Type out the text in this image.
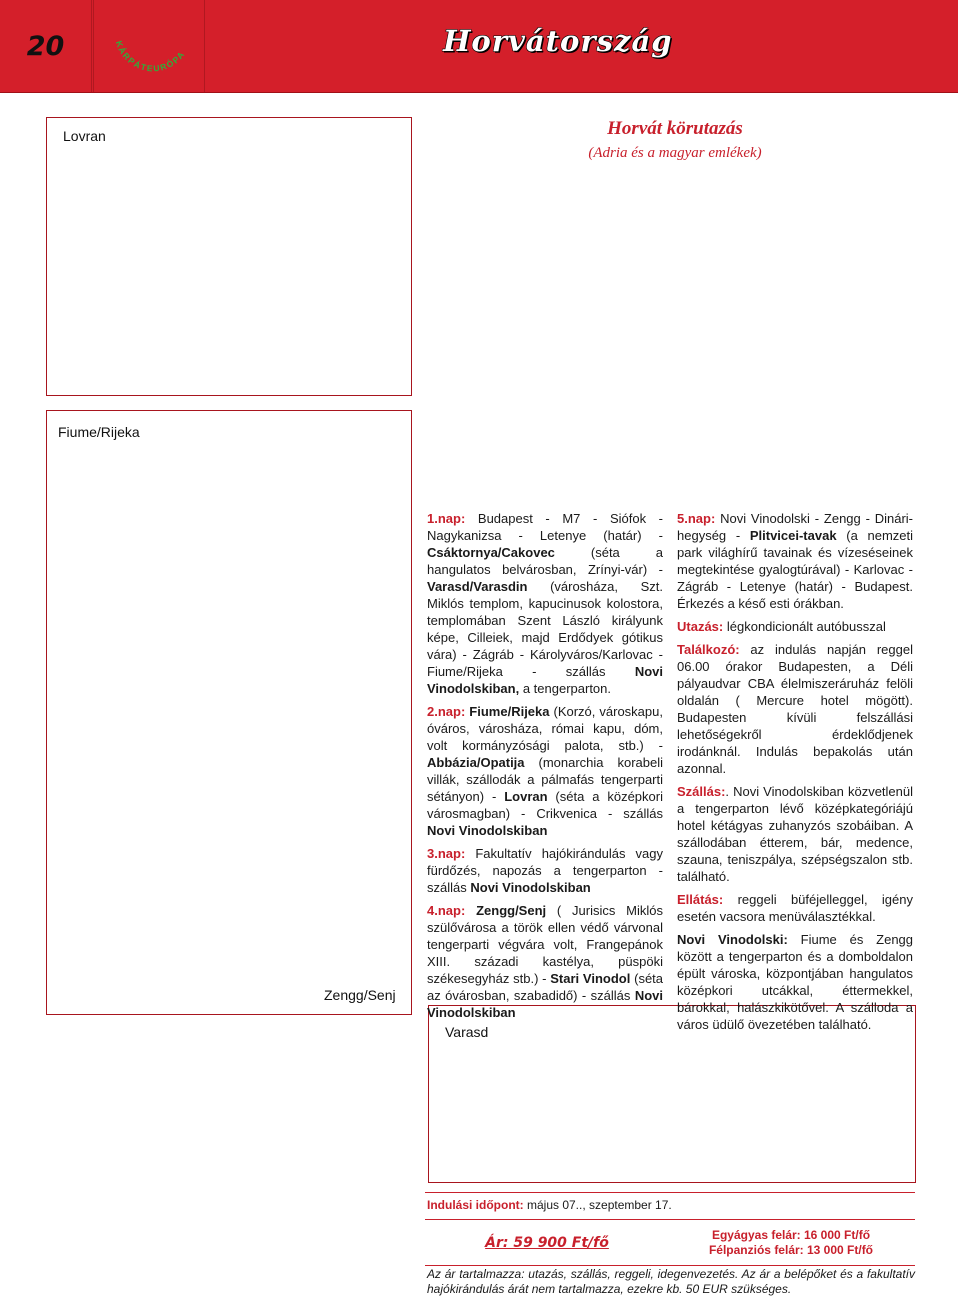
20	KÁRPÁTEURÓPA	Horvátország
Lovran
Fiume/Rijeka
Zengg/Senj
Varasd
Horvát körutazás
(Adria és a magyar emlékek)

1.nap: Budapest - M7 - Siófok - Nagykanizsa - Letenye (határ) - Csáktornya/Cakovec (séta a hangulatos belvárosban, Zrínyi-vár) - Varasd/Varasdin (városháza, Szt. Miklós templom, kapucinusok kolostora, templomában Szent László királyunk képe, Cilleiek, majd Erdődyek gótikus vára) - Zágráb - Károlyváros/Karlovac - Fiume/Rijeka - szállás Novi Vinodolskiban, a tengerparton.

2.nap: Fiume/Rijeka (Korzó, városkapu, óváros, városháza, római kapu, dóm, volt kormányzósági palota, stb.) - Abbázia/Opatija (monarchia korabeli villák, szállodák a pálmafás tengerparti sétányon) - Lovran (séta a középkori városmagban) - Crikvenica - szállás Novi Vinodolskiban

3.nap: Fakultatív hajókirándulás vagy fürdőzés, napozás a tengerparton - szállás Novi Vinodolskiban

4.nap: Zengg/Senj ( Jurisics Miklós szülővárosa a török ellen védő várvonal tengerparti végvára volt, Frangepánok XIII. századi kastélya, püspöki székesegyház stb.) - Stari Vinodol (séta az óvárosban, szabadidő) - szállás Novi Vinodolskiban

5.nap: Novi Vinodolski - Zengg - Dinári-hegység - Plitvicei-tavak (a nemzeti park világhírű tavainak és vízeséseinek megtekintése gyalogtúrával) - Karlovac - Zágráb - Letenye (határ) - Budapest. Érkezés a késő esti órákban.

Utazás: légkondicionált autóbusszal

Találkozó: az indulás napján reggel 06.00 órakor Budapesten, a Déli pályaudvar CBA élelmiszeráruház felöli oldalán ( Mercure hotel mögött). Budapesten kívüli felszállási lehetőségekről érdeklődjenek irodánknál. Indulás bepakolás után azonnal.

Szállás:. Novi Vinodolskiban közvetlenül a tengerparton lévő középkategóriájú hotel kétágyas zuhanyzós szobáiban. A szállodában étterem, bár, medence, szauna, teniszpálya, szépségszalon stb. található.

Ellátás: reggeli büféjelleggel, igény esetén vacsora menüválasztékkal.

Novi Vinodolski: Fiume és Zengg között a tengerparton és a domboldalon épült városka, központjában hangulatos középkori utcákkal, éttermekkel, bárokkal, halászkikötővel. A szálloda a város üdülő övezetében található.

Indulási időpont: május 07.., szeptember 17.
Ár: 59 900 Ft/fő	Egyágyas felár: 16 000 Ft/fő
Félpanziós felár: 13 000 Ft/fő
Az ár tartalmazza: utazás, szállás, reggeli, idegenvezetés. Az ár a belépőket és a fakultatív hajókirándulás árát nem tartalmazza, ezekre kb. 50 EUR szükséges.
